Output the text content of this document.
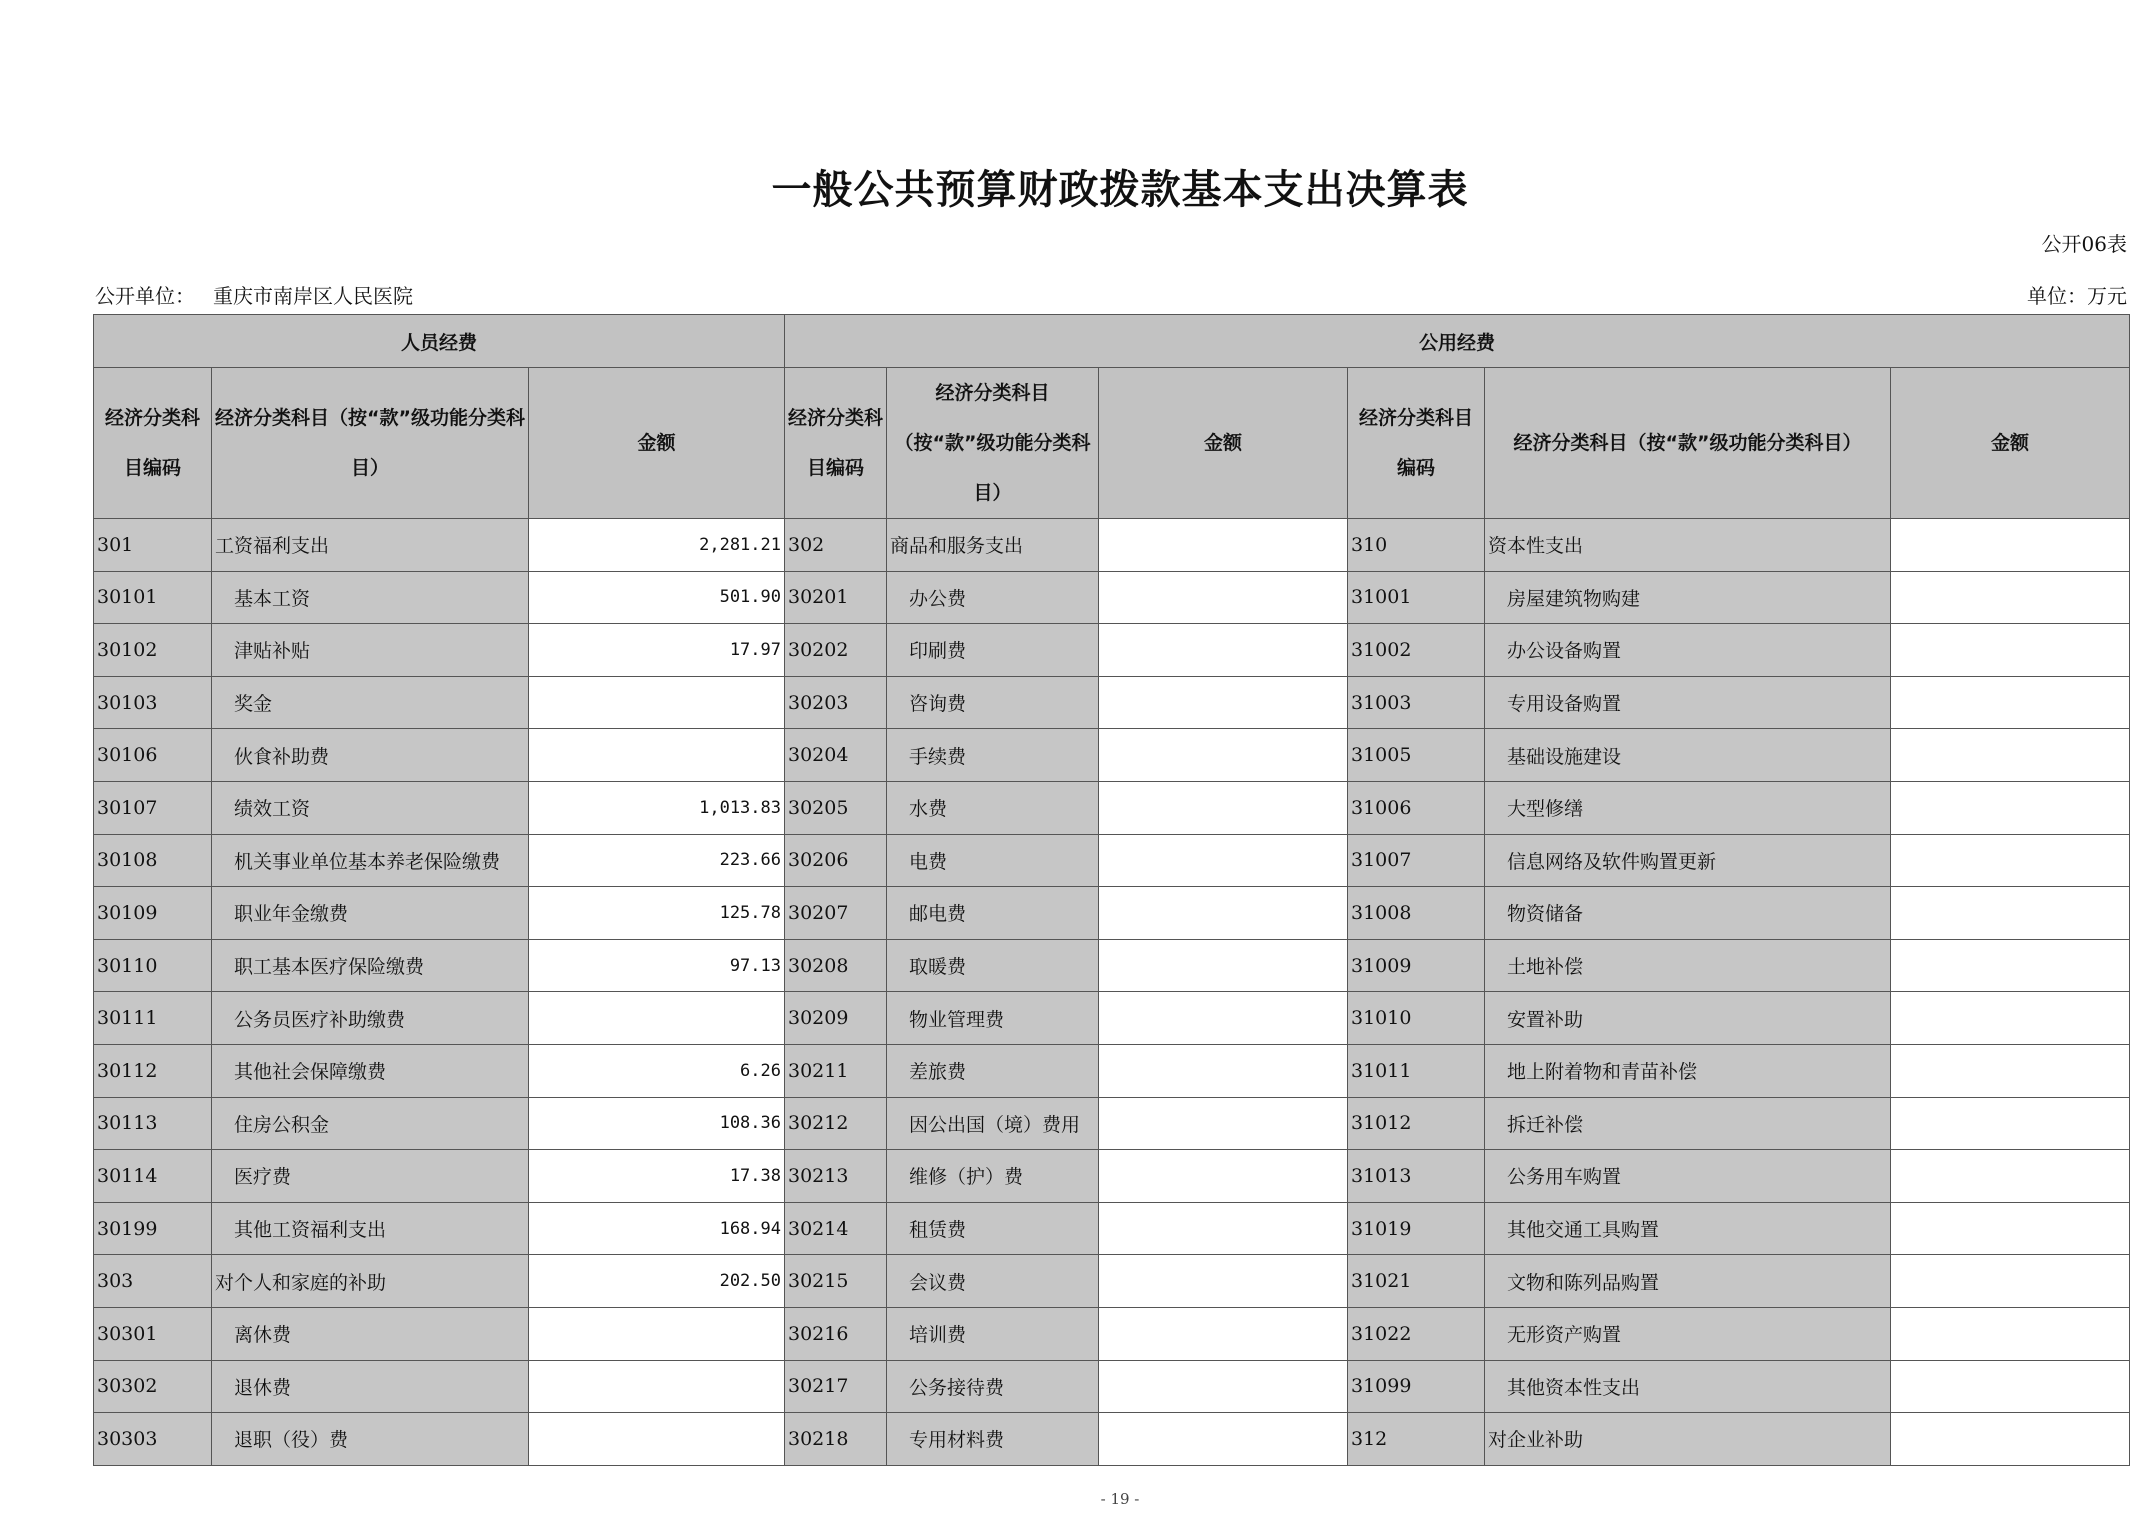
一般公共预算财政拨款基本支出决算表
公开06表
公开单位： 重庆市南岸区人民医院	单位：万元
人员经费			公用经费					
经济分类科目编码	经济分类科目（按“款”级功能分类科目）	金额	经济分类科目编码	经济分类科目（按“款”级功能分类科目）	金额	经济分类科目编码	经济分类科目（按“款”级功能分类科目）	金额
301	工资福利支出	2,281.21	302	商品和服务支出		310	资本性支出	
30101	基本工资	501.90	30201	办公费		31001	房屋建筑物购建	
30102	津贴补贴	17.97	30202	印刷费		31002	办公设备购置	
30103	奖金		30203	咨询费		31003	专用设备购置	
30106	伙食补助费		30204	手续费		31005	基础设施建设	
30107	绩效工资	1,013.83	30205	水费		31006	大型修缮	
30108	机关事业单位基本养老保险缴费	223.66	30206	电费		31007	信息网络及软件购置更新	
30109	职业年金缴费	125.78	30207	邮电费		31008	物资储备	
30110	职工基本医疗保险缴费	97.13	30208	取暖费		31009	土地补偿	
30111	公务员医疗补助缴费		30209	物业管理费		31010	安置补助	
30112	其他社会保障缴费	6.26	30211	差旅费		31011	地上附着物和青苗补偿	
30113	住房公积金	108.36	30212	因公出国（境）费用		31012	拆迁补偿	
30114	医疗费	17.38	30213	维修（护）费		31013	公务用车购置	
30199	其他工资福利支出	168.94	30214	租赁费		31019	其他交通工具购置	
303	对个人和家庭的补助	202.50	30215	会议费		31021	文物和陈列品购置	
30301	离休费		30216	培训费		31022	无形资产购置	
30302	退休费		30217	公务接待费		31099	其他资本性支出	
30303	退职（役）费		30218	专用材料费		312	对企业补助	
- 19 -
